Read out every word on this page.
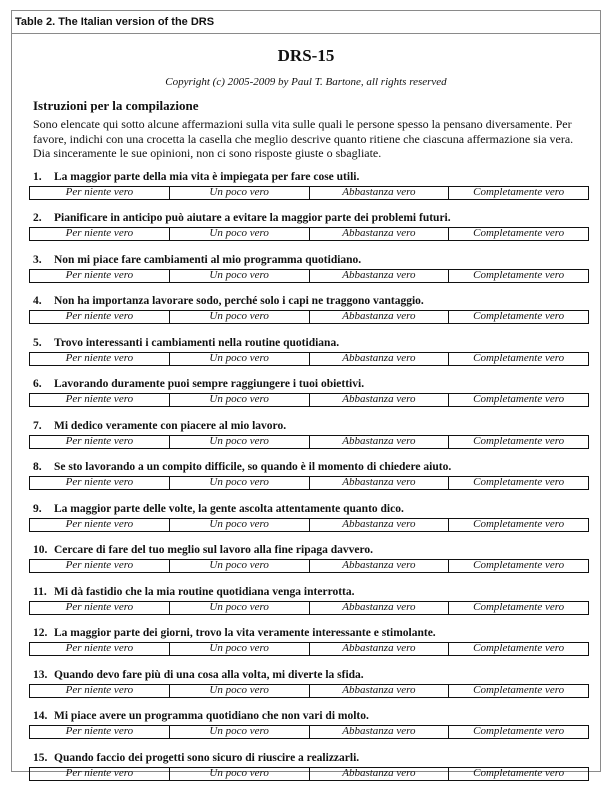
Table 2. The Italian version of the DRS
DRS-15
Copyright (c) 2005-2009 by Paul T. Bartone, all rights reserved
Istruzioni per la compilazione
Sono elencate qui sotto alcune affermazioni sulla vita sulle quali le persone spesso la pensano diversamente. Per favore, indichi con una crocetta la casella che meglio descrive quanto ritiene che ciascuna affermazione sia vera. Dia sinceramente le sue opinioni, non ci sono risposte giuste o sbagliate.
1. La maggior parte della mia vita è impiegata per fare cose utili.
Per niente vero	Un poco vero	Abbastanza vero	Completamente vero
2. Pianificare in anticipo può aiutare a evitare la maggior parte dei problemi futuri.
Per niente vero	Un poco vero	Abbastanza vero	Completamente vero
3. Non mi piace fare cambiamenti al mio programma quotidiano.
Per niente vero	Un poco vero	Abbastanza vero	Completamente vero
4. Non ha importanza lavorare sodo, perché solo i capi ne traggono vantaggio.
Per niente vero	Un poco vero	Abbastanza vero	Completamente vero
5. Trovo interessanti i cambiamenti nella routine quotidiana.
Per niente vero	Un poco vero	Abbastanza vero	Completamente vero
6. Lavorando duramente puoi sempre raggiungere i tuoi obiettivi.
Per niente vero	Un poco vero	Abbastanza vero	Completamente vero
7. Mi dedico veramente con piacere al mio lavoro.
Per niente vero	Un poco vero	Abbastanza vero	Completamente vero
8. Se sto lavorando a un compito difficile, so quando è il momento di chiedere aiuto.
Per niente vero	Un poco vero	Abbastanza vero	Completamente vero
9. La maggior parte delle volte, la gente ascolta attentamente quanto dico.
Per niente vero	Un poco vero	Abbastanza vero	Completamente vero
10. Cercare di fare del tuo meglio sul lavoro alla fine ripaga davvero.
Per niente vero	Un poco vero	Abbastanza vero	Completamente vero
11. Mi dà fastidio che la mia routine quotidiana venga interrotta.
Per niente vero	Un poco vero	Abbastanza vero	Completamente vero
12. La maggior parte dei giorni, trovo la vita veramente interessante e stimolante.
Per niente vero	Un poco vero	Abbastanza vero	Completamente vero
13. Quando devo fare più di una cosa alla volta, mi diverte la sfida.
Per niente vero	Un poco vero	Abbastanza vero	Completamente vero
14. Mi piace avere un programma quotidiano che non vari di molto.
Per niente vero	Un poco vero	Abbastanza vero	Completamente vero
15. Quando faccio dei progetti sono sicuro di riuscire a realizzarli.
Per niente vero	Un poco vero	Abbastanza vero	Completamente vero
